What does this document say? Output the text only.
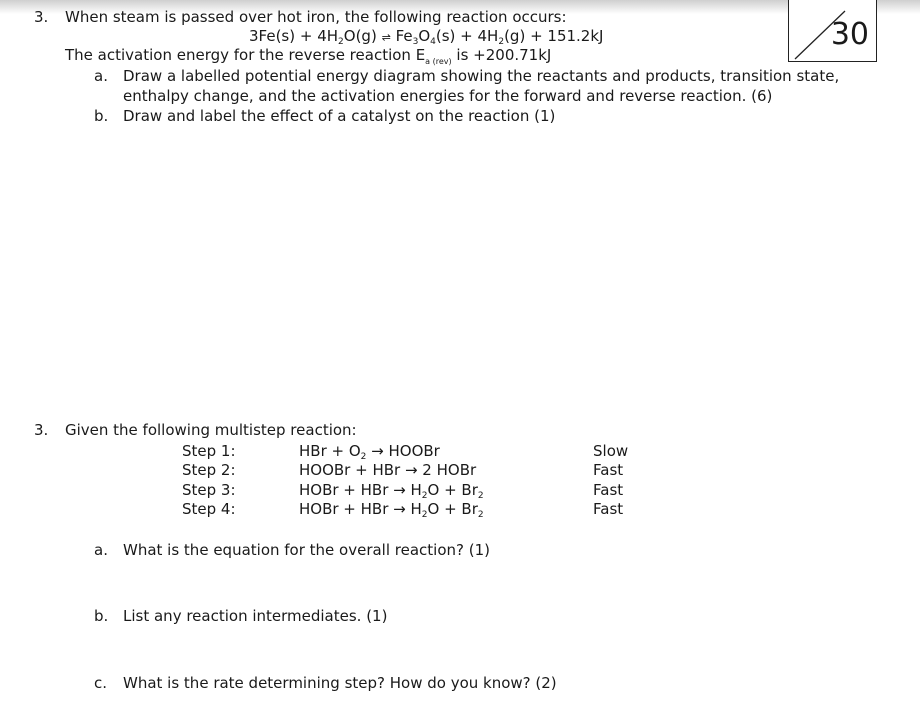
3. When steam is passed over hot iron, the following reaction occurs:
$3Fe(s) + 4H_2O(g)$ ⇌ $Fe_3O_4(s) + 4H_2(g) + 151.2kJ$
The activation energy for the reverse reaction $E_a$ $_{(rev)}$ is +200.71kJ
a. Draw a labelled potential energy diagram showing the reactants and products, transition state,
enthalpy change, and the activation energies for the forward and reverse reaction. (6)
b. Draw and label the effect of a catalyst on the reaction (1)
30
3. Given the following multistep reaction:
Step 1:	HBr + $O_2$ → HOOBr	Slow
Step 2:	HOOBr + HBr → 2 HOBr	Fast
Step 3:	HOBr + HBr → $H_2O + Br_2$	Fast
Step 4:	HOBr + HBr → $H_2O + Br_2$	Fast
a. What is the equation for the overall reaction? (1)
b. List any reaction intermediates. (1)
c. What is the rate determining step? How do you know? (2)
